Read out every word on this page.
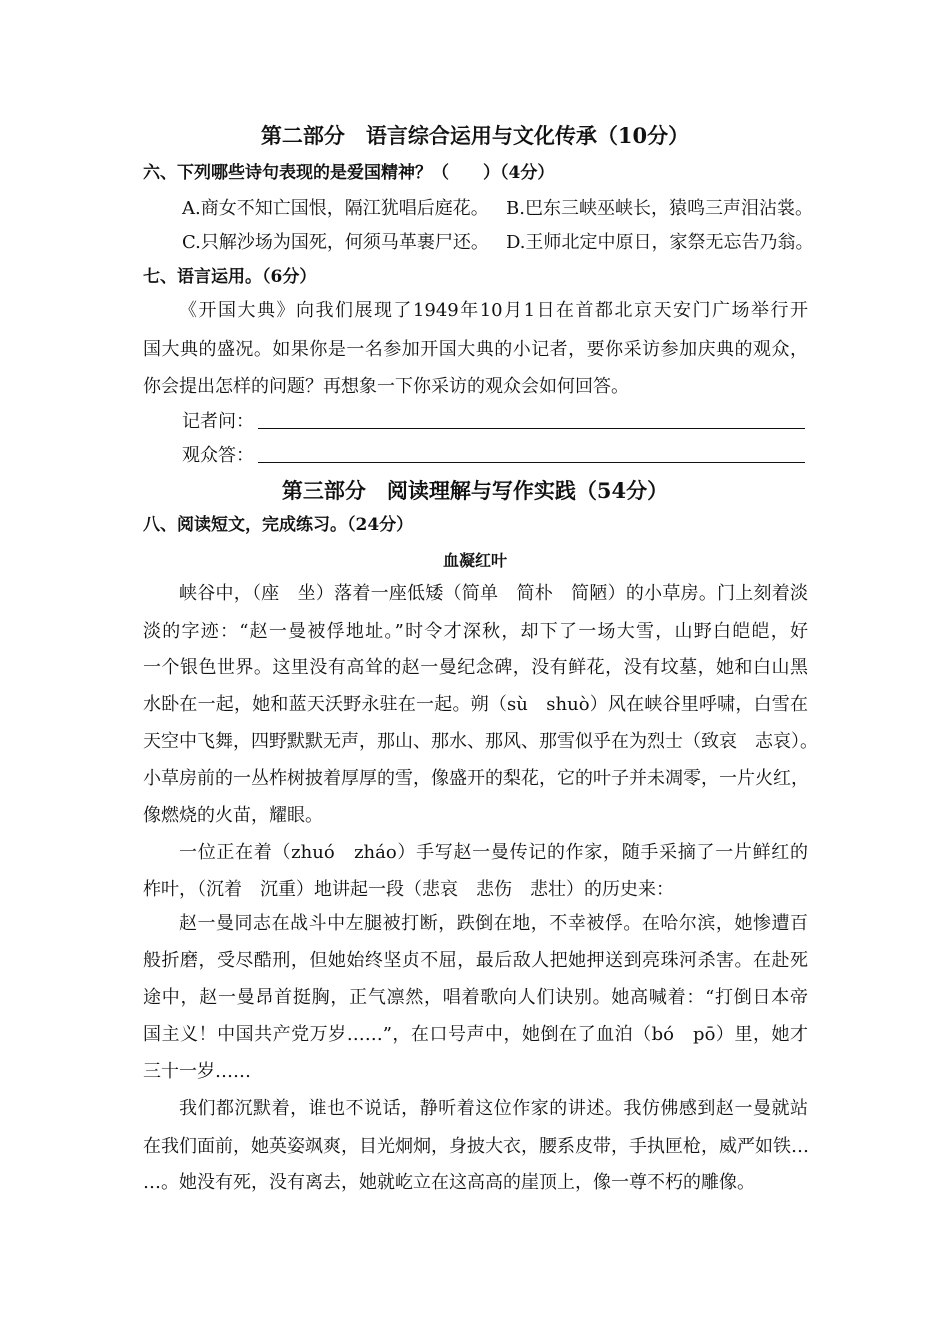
第二部分　语言综合运用与文化传承（10分）
六、下列哪些诗句表现的是爱国精神？（　　）（4分）
A.商女不知亡国恨，隔江犹唱后庭花。 B.巴东三峡巫峡长，猿鸣三声泪沾裳。
C.只解沙场为国死，何须马革裹尸还。 D.王师北定中原日，家祭无忘告乃翁。
七、语言运用。（6分）
《开国大典》向我们展现了1949年10月1日在首都北京天安门广场举行开
国大典的盛况。如果你是一名参加开国大典的小记者，要你采访参加庆典的观众，
你会提出怎样的问题？再想象一下你采访的观众会如何回答。
记者问：
观众答：
第三部分　阅读理解与写作实践（54分）
八、阅读短文，完成练习。（24分）
血凝红叶
峡谷中，（座　坐）落着一座低矮（简单　简朴　简陋）的小草房。门上刻着淡
淡的字迹：“赵一曼被俘地址。”时令才深秋，却下了一场大雪，山野白皑皑，好
一个银色世界。这里没有高耸的赵一曼纪念碑，没有鲜花，没有坟墓，她和白山黑
水卧在一起，她和蓝天沃野永驻在一起。朔（sù　shuò）风在峡谷里呼啸，白雪在
天空中飞舞，四野默默无声，那山、那水、那风、那雪似乎在为烈士（致哀　志哀）。
小草房前的一丛柞树披着厚厚的雪，像盛开的梨花，它的叶子并未凋零，一片火红，
像燃烧的火苗，耀眼。
一位正在着（zhuó　zháo）手写赵一曼传记的作家，随手采摘了一片鲜红的
柞叶，（沉着　沉重）地讲起一段（悲哀　悲伤　悲壮）的历史来：
赵一曼同志在战斗中左腿被打断，跌倒在地，不幸被俘。在哈尔滨，她惨遭百
般折磨，受尽酷刑，但她始终坚贞不屈，最后敌人把她押送到亮珠河杀害。在赴死
途中，赵一曼昂首挺胸，正气凛然，唱着歌向人们诀别。她高喊着：“打倒日本帝
国主义！中国共产党万岁……”，在口号声中，她倒在了血泊（bó　pō）里，她才
三十一岁……
我们都沉默着，谁也不说话，静听着这位作家的讲述。我仿佛感到赵一曼就站
在我们面前，她英姿飒爽，目光炯炯，身披大衣，腰系皮带，手执匣枪，威严如铁…
…。她没有死，没有离去，她就屹立在这高高的崖顶上，像一尊不朽的雕像。
